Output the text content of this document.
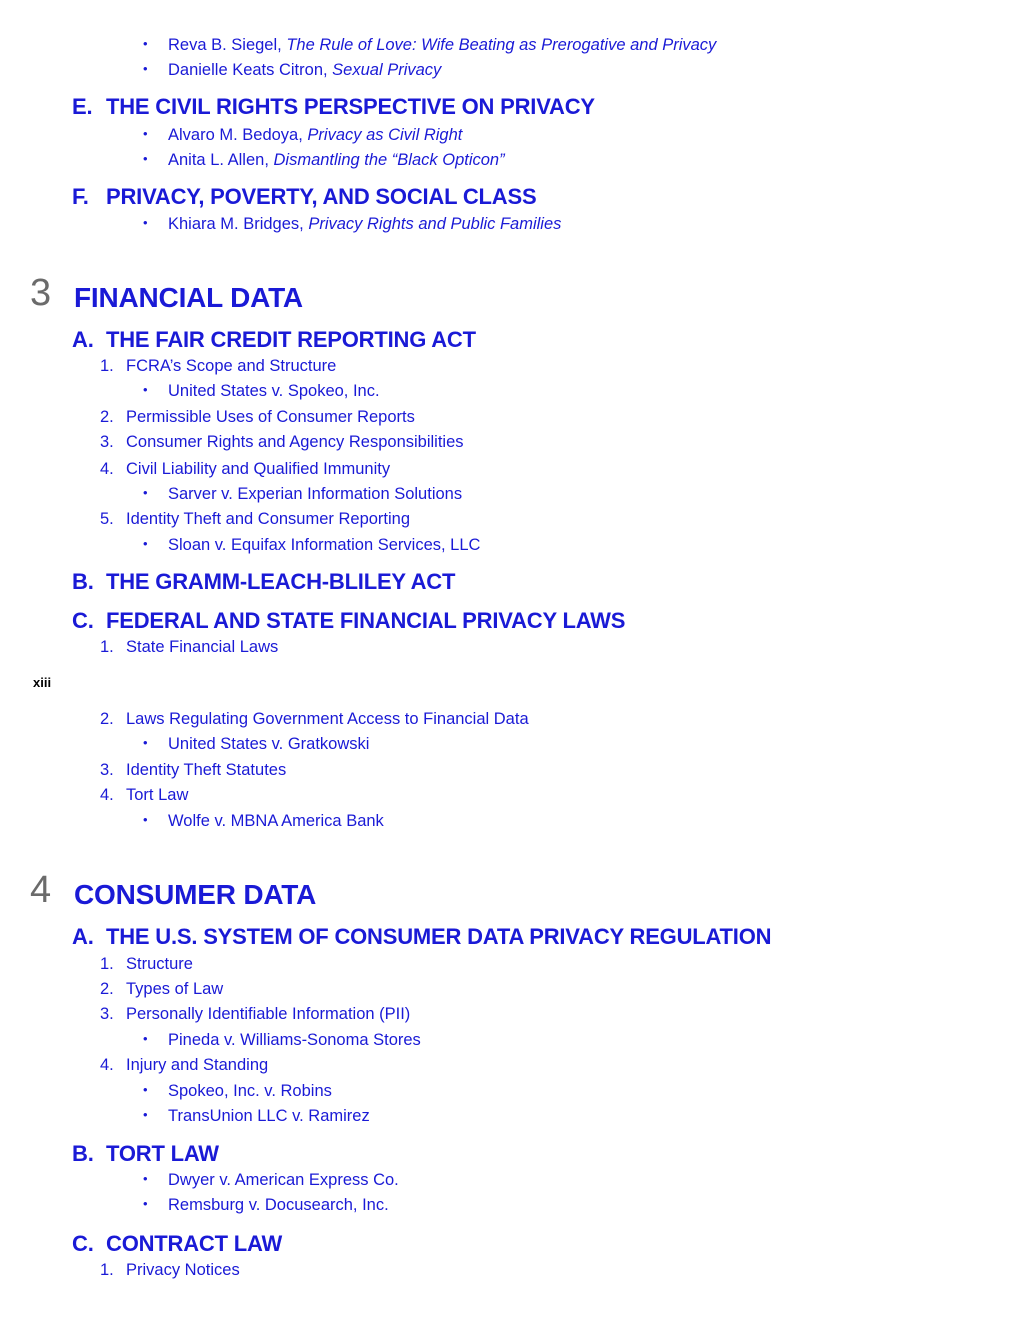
• Reva B. Siegel, The Rule of Love: Wife Beating as Prerogative and Privacy
• Danielle Keats Citron, Sexual Privacy
E. THE CIVIL RIGHTS PERSPECTIVE ON PRIVACY
• Alvaro M. Bedoya, Privacy as Civil Right
• Anita L. Allen, Dismantling the “Black Opticon”
F. PRIVACY, POVERTY, AND SOCIAL CLASS
• Khiara M. Bridges, Privacy Rights and Public Families
3 FINANCIAL DATA
A. THE FAIR CREDIT REPORTING ACT
1. FCRA’s Scope and Structure
• United States v. Spokeo, Inc.
2. Permissible Uses of Consumer Reports
3. Consumer Rights and Agency Responsibilities
4. Civil Liability and Qualified Immunity
• Sarver v. Experian Information Solutions
5. Identity Theft and Consumer Reporting
• Sloan v. Equifax Information Services, LLC
B. THE GRAMM-LEACH-BLILEY ACT
C. FEDERAL AND STATE FINANCIAL PRIVACY LAWS
1. State Financial Laws
xiii
2. Laws Regulating Government Access to Financial Data
• United States v. Gratkowski
3. Identity Theft Statutes
4. Tort Law
• Wolfe v. MBNA America Bank
4 CONSUMER DATA
A. THE U.S. SYSTEM OF CONSUMER DATA PRIVACY REGULATION
1. Structure
2. Types of Law
3. Personally Identifiable Information (PII)
• Pineda v. Williams-Sonoma Stores
4. Injury and Standing
• Spokeo, Inc. v. Robins
• TransUnion LLC v. Ramirez
B. TORT LAW
• Dwyer v. American Express Co.
• Remsburg v. Docusearch, Inc.
C. CONTRACT LAW
1. Privacy Notices
